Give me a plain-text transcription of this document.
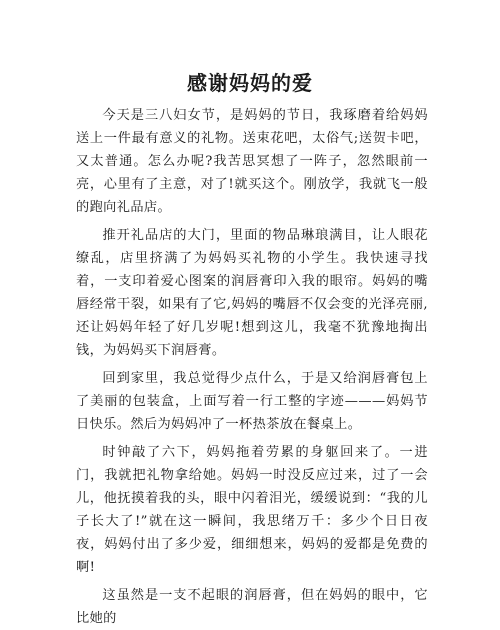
感谢妈妈的爱

今天是三八妇女节，是妈妈的节日，我琢磨着给妈妈送上一件最有意义的礼物。送束花吧，太俗气;送贺卡吧，又太普通。怎么办呢?我苦思冥想了一阵子，忽然眼前一亮，心里有了主意，对了!就买这个。刚放学，我就飞一般的跑向礼品店。

推开礼品店的大门，里面的物品琳琅满目，让人眼花缭乱，店里挤满了为妈妈买礼物的小学生。我快速寻找着，一支印着爱心图案的润唇膏印入我的眼帘。妈妈的嘴唇经常干裂，如果有了它,妈妈的嘴唇不仅会变的光泽亮丽,还让妈妈年轻了好几岁呢!想到这儿，我毫不犹豫地掏出钱，为妈妈买下润唇膏。

回到家里，我总觉得少点什么，于是又给润唇膏包上了美丽的包装盒，上面写着一行工整的字迹———妈妈节日快乐。然后为妈妈冲了一杯热茶放在餐桌上。

时钟敲了六下，妈妈拖着劳累的身躯回来了。一进门，我就把礼物拿给她。妈妈一时没反应过来，过了一会儿，他抚摸着我的头，眼中闪着泪光，缓缓说到：“我的儿子长大了!”就在这一瞬间，我思绪万千：多少个日日夜夜，妈妈付出了多少爱，细细想来，妈妈的爱都是免费的啊!

这虽然是一支不起眼的润唇膏，但在妈妈的眼中，它比她的
